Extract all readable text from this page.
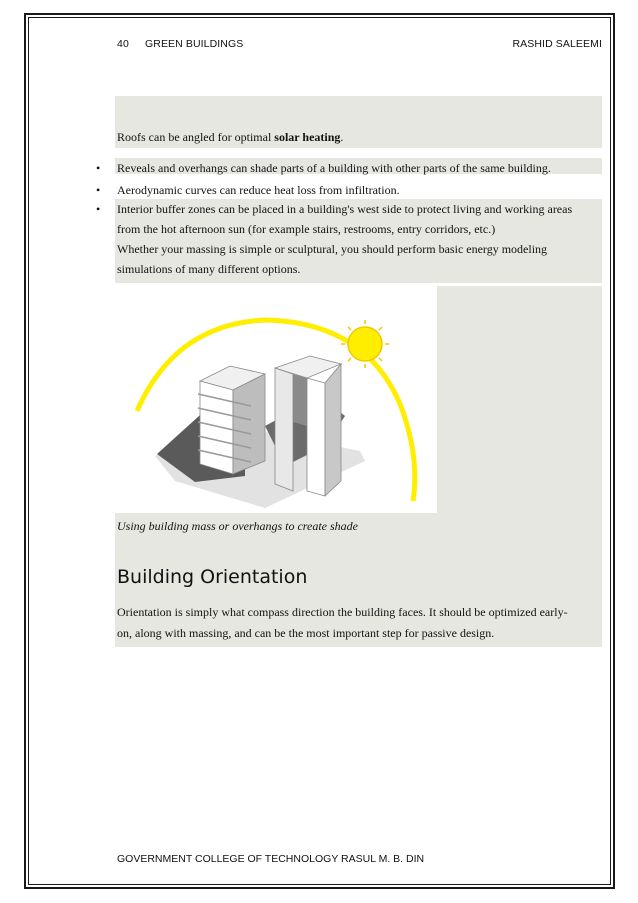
40 GREEN BUILDINGS	RASHID SALEEMI
Roofs can be angled for optimal solar heating.
• Reveals and overhangs can shade parts of a building with other parts of the same building.
• Aerodynamic curves can reduce heat loss from infiltration.
• Interior buffer zones can be placed in a building's west side to protect living and working areas
from the hot afternoon sun (for example stairs, restrooms, entry corridors, etc.)
Whether your massing is simple or sculptural, you should perform basic energy modeling
simulations of many different options.
Using building mass or overhangs to create shade
Building Orientation
Orientation is simply what compass direction the building faces. It should be optimized early-
on, along with massing, and can be the most important step for passive design.
GOVERNMENT COLLEGE OF TECHNOLOGY RASUL M. B. DIN
